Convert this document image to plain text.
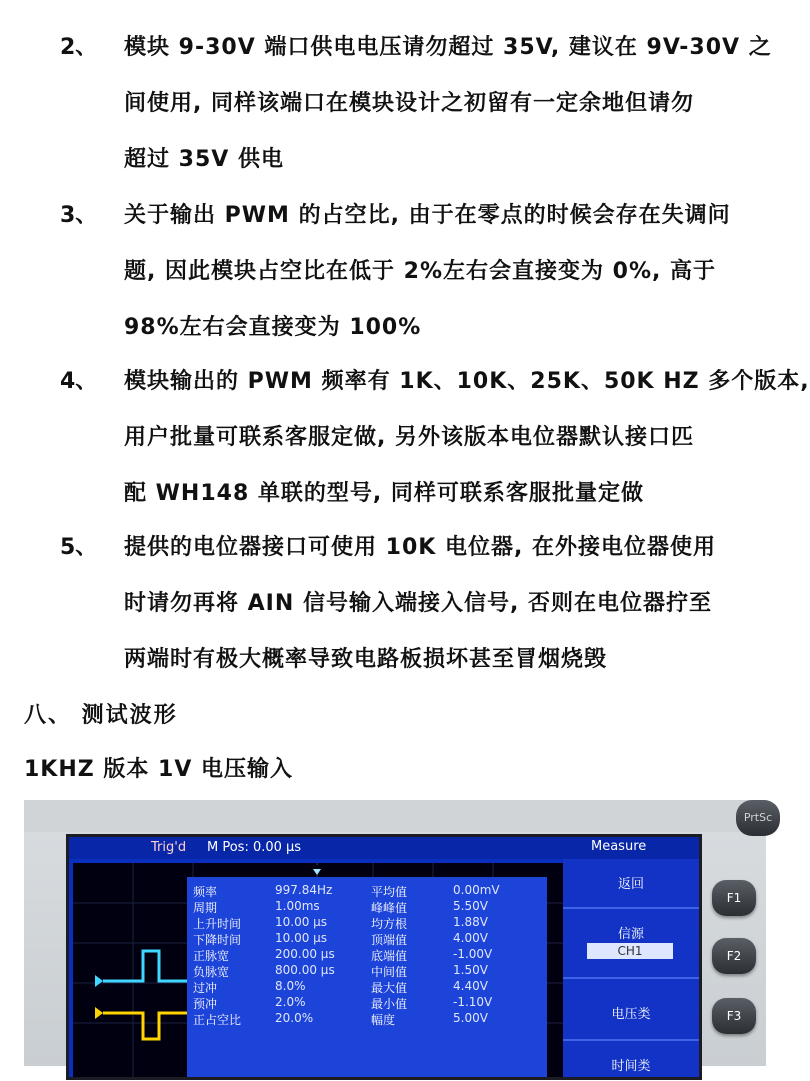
2、 模块 9-30V 端口供电电压请勿超过 35V, 建议在 9V-30V 之
间使用, 同样该端口在模块设计之初留有一定余地但请勿
超过 35V 供电
3、 关于输出 PWM 的占空比, 由于在零点的时候会存在失调问
题, 因此模块占空比在低于 2%左右会直接变为 0%, 高于
98%左右会直接变为 100%
4、 模块输出的 PWM 频率有 1K、10K、25K、50K HZ 多个版本,
用户批量可联系客服定做, 另外该版本电位器默认接口匹
配 WH148 单联的型号, 同样可联系客服批量定做
5、 提供的电位器接口可使用 10K 电位器, 在外接电位器使用
时请勿再将 AIN 信号输入端接入信号, 否则在电位器拧至
两端时有极大概率导致电路板损坏甚至冒烟烧毁
八、 测试波形
1KHZ 版本 1V 电压输入
PrtSc
Trig'd M Pos: 0.00 µs	Measure
频率	997.84Hz	平均值	0.00mV
周期	1.00ms	峰峰值	5.50V
上升时间	10.00 µs	均方根	1.88V
下降时间	10.00 µs	顶端值	4.00V
正脉宽	200.00 µs	底端值	-1.00V
负脉宽	800.00 µs	中间值	1.50V
过冲	8.0%	最大值	4.40V
预冲	2.0%	最小值	-1.10V
正占空比	20.0%	幅度	5.00V
返回
信源
CH1
电压类
时间类
F1
F2
F3
